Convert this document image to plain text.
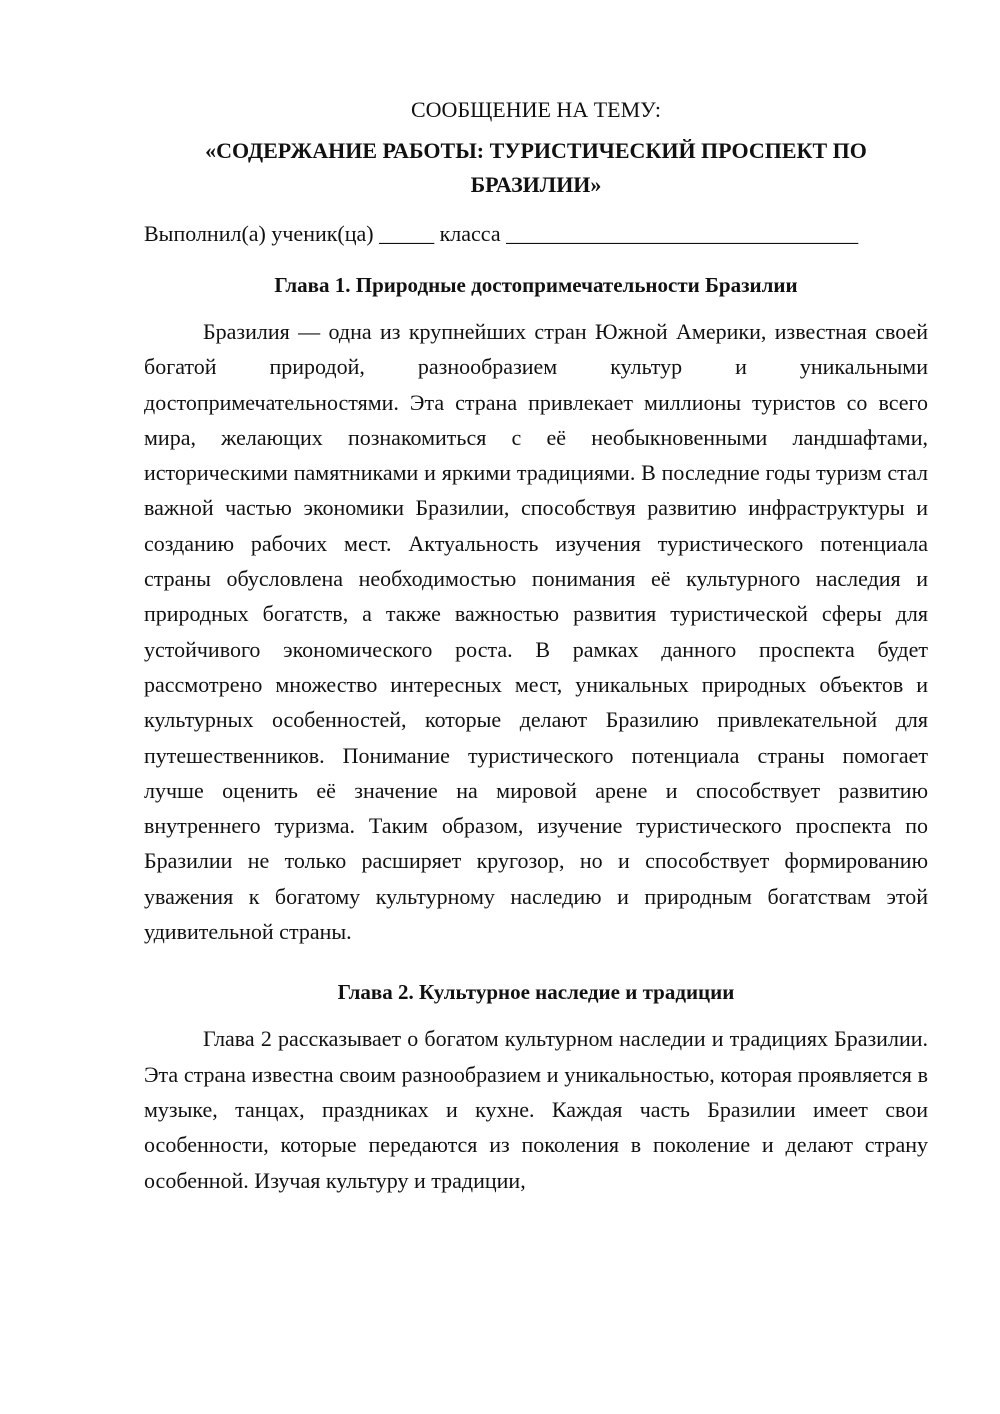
СООБЩЕНИЕ НА ТЕМУ:
«СОДЕРЖАНИЕ РАБОТЫ: ТУРИСТИЧЕСКИЙ ПРОСПЕКТ ПО БРАЗИЛИИ»
Выполнил(а) ученик(ца) _____ класса ________________________________
Глава 1. Природные достопримечательности Бразилии

Бразилия — одна из крупнейших стран Южной Америки, известная своей богатой природой, разнообразием культур и уникальными достопримечательностями. Эта страна привлекает миллионы туристов со всего мира, желающих познакомиться с её необыкновенными ландшафтами, историческими памятниками и яркими традициями. В последние годы туризм стал важной частью экономики Бразилии, способствуя развитию инфраструктуры и созданию рабочих мест. Актуальность изучения туристического потенциала страны обусловлена необходимостью понимания её культурного наследия и природных богатств, а также важностью развития туристической сферы для устойчивого экономического роста. В рамках данного проспекта будет рассмотрено множество интересных мест, уникальных природных объектов и культурных особенностей, которые делают Бразилию привлекательной для путешественников. Понимание туристического потенциала страны помогает лучше оценить её значение на мировой арене и способствует развитию внутреннего туризма. Таким образом, изучение туристического проспекта по Бразилии не только расширяет кругозор, но и способствует формированию уважения к богатому культурному наследию и природным богатствам этой удивительной страны.

Глава 2. Культурное наследие и традиции

Глава 2 рассказывает о богатом культурном наследии и традициях Бразилии. Эта страна известна своим разнообразием и уникальностью, которая проявляется в музыке, танцах, праздниках и кухне. Каждая часть Бразилии имеет свои особенности, которые передаются из поколения в поколение и делают страну особенной. Изучая культуру и традиции,
